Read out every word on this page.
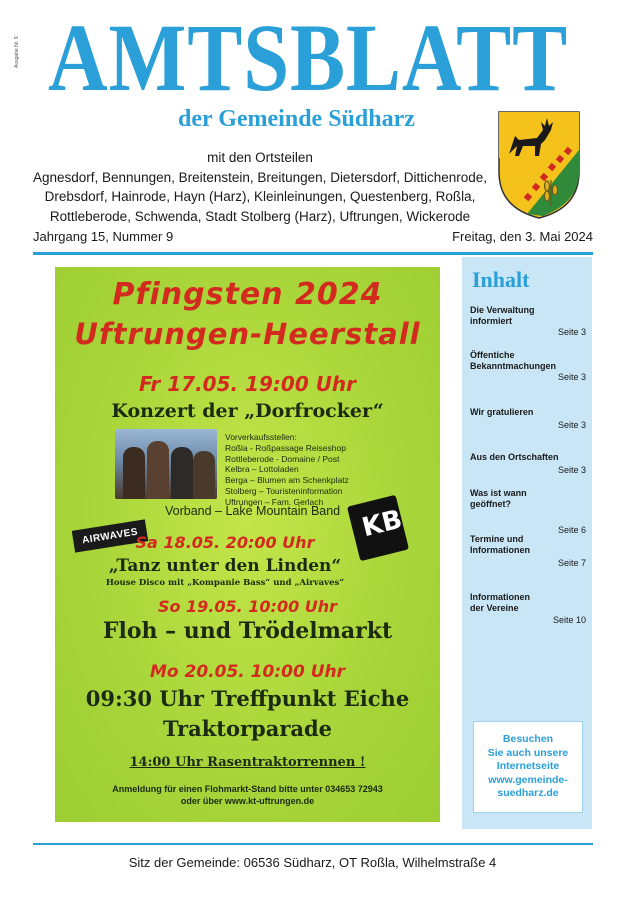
Ausgabe Nr. 9 AMTSBLATT
der Gemeinde Südharz
mit den Ortsteilen
Agnesdorf, Bennungen, Breitenstein, Breitungen, Dietersdorf, Dittichenrode,
Drebsdorf, Hainrode, Hayn (Harz), Kleinleinungen, Questenberg, Roßla,
Rottleberode, Schwenda, Stadt Stolberg (Harz), Uftrungen, Wickerode
Jahrgang 15, Nummer 9	Freitag, den 3. Mai 2024
Pfingsten 2024
Uftrungen-Heerstall
Fr 17.05. 19:00 Uhr
Konzert der „Dorfrocker“
Vorverkaufsstellen:
Roßla - Roßpassage Reiseshop
Rottleberode - Domaine / Post
Kelbra – Lottoladen
Berga – Blumen am Schenkplatz
Stolberg – Touristeninformation
Uftrungen – Fam. Gerlach
Vorband – Lake Mountain Band
AIRWAVES	KB
Sa 18.05. 20:00 Uhr
„Tanz unter den Linden“
House Disco mit „Kompanie Bass“ und „Airvaves“
So 19.05. 10:00 Uhr
Floh – und Trödelmarkt
Mo 20.05. 10:00 Uhr
09:30 Uhr Treffpunkt Eiche
Traktorparade
14:00 Uhr Rasentraktorrennen !
Anmeldung für einen Flohmarkt-Stand bitte unter 034653 72943
oder über www.kt-uftrungen.de
Inhalt
Die Verwaltung informiert
Seite 3
Öffentiche Bekanntmachungen
Seite 3
Wir gratulieren
Seite 3
Aus den Ortschaften
Seite 3
Was ist wann geöffnet?
Seite 6
Termine und Informationen
Seite 7
Informationen der Vereine
Seite 10
Besuchen
Sie auch unsere
Internetseite
www.gemeinde-
suedharz.de
Sitz der Gemeinde: 06536 Südharz, OT Roßla, Wilhelmstraße 4
